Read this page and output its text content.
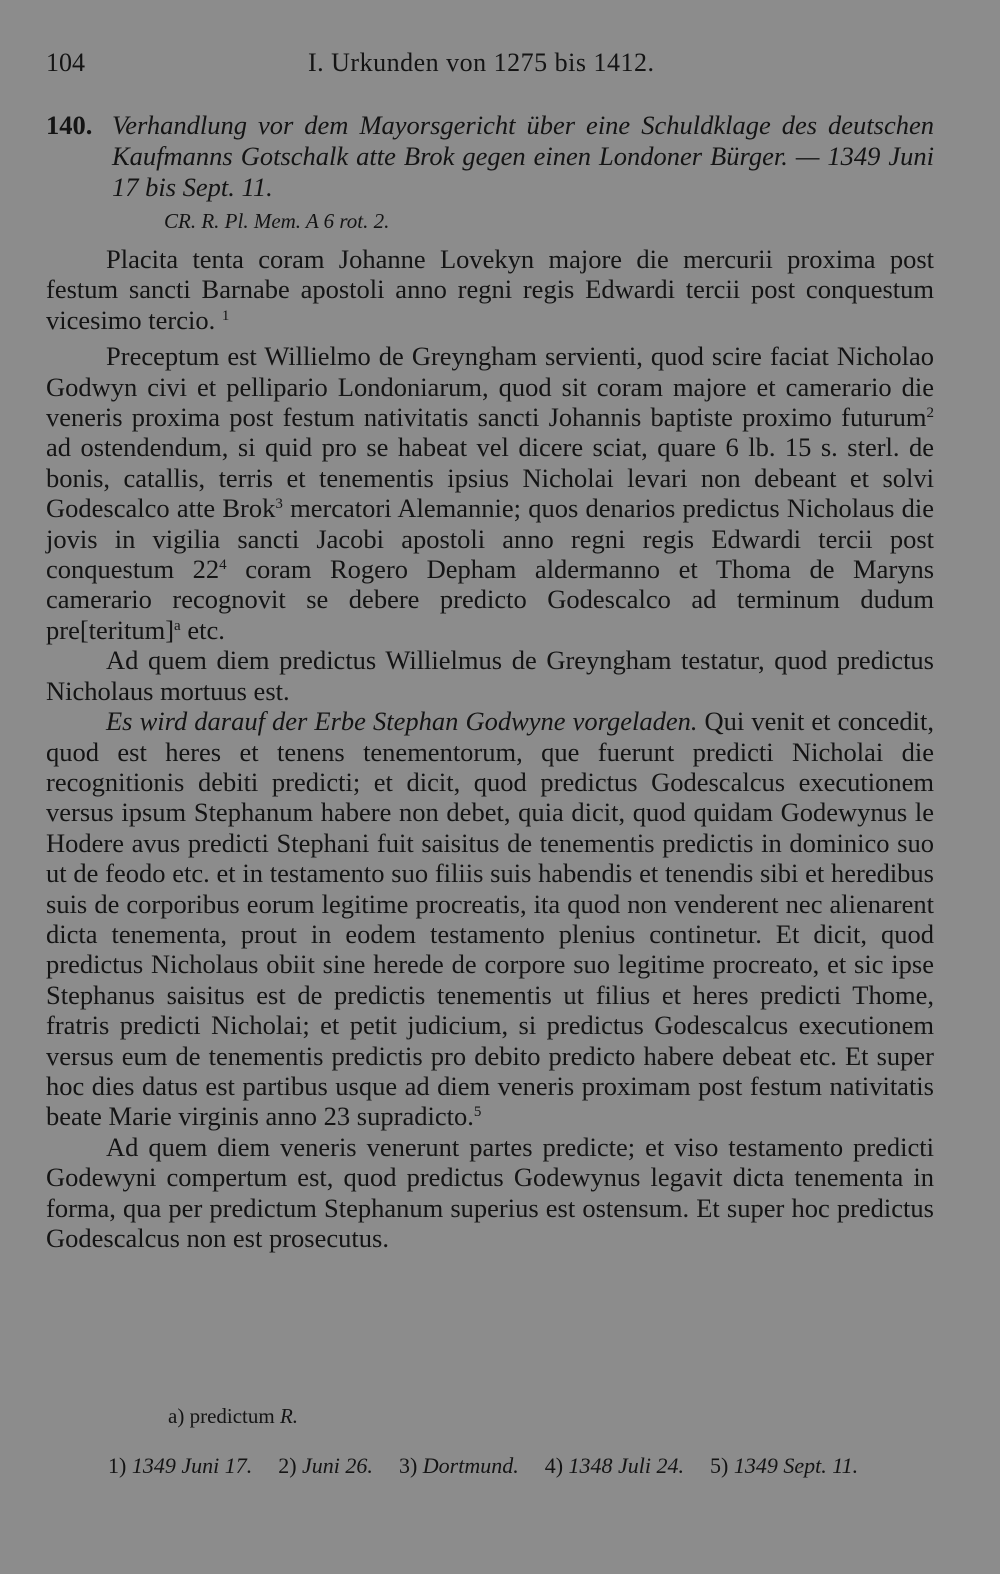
104	I. Urkunden von 1275 bis 1412.
140. Verhandlung vor dem Mayorsgericht über eine Schuldklage des deutschen Kaufmanns Gotschalk atte Brok gegen einen Londoner Bürger. — 1349 Juni 17 bis Sept. 11.
CR. R. Pl. Mem. A 6 rot. 2.

Placita tenta coram Johanne Lovekyn majore die mercurii proxima post festum sancti Barnabe apostoli anno regni regis Edwardi tercii post conquestum vicesimo tercio. $^1$

Preceptum est Willielmo de Greyngham servienti, quod scire faciat Nicholao Godwyn civi et pellipario Londoniarum, quod sit coram majore et camerario die veneris proxima post festum nativitatis sancti Johannis baptiste proximo futurum$^2$ ad ostendendum, si quid pro se habeat vel dicere sciat, quare 6 lb. 15 s. sterl. de bonis, catallis, terris et tenementis ipsius Nicholai levari non debeant et solvi Godescalco atte Brok$^3$ mercatori Alemannie; quos denarios predictus Nicholaus die jovis in vigilia sancti Jacobi apostoli anno regni regis Edwardi tercii post conquestum $22^4$ coram Rogero Depham aldermanno et Thoma de Maryns camerario recognovit se debere predicto Godescalco ad terminum dudum pre[teritum]$^a$ etc.

Ad quem diem predictus Willielmus de Greyngham testatur, quod predictus Nicholaus mortuus est.

Es wird darauf der Erbe Stephan Godwyne vorgeladen. Qui venit et concedit, quod est heres et tenens tenementorum, que fuerunt predicti Nicholai die recognitionis debiti predicti; et dicit, quod predictus Godescalcus executionem versus ipsum Stephanum habere non debet, quia dicit, quod quidam Godewynus le Hodere avus predicti Stephani fuit saisitus de tenementis predictis in dominico suo ut de feodo etc. et in testamento suo filiis suis habendis et tenendis sibi et heredibus suis de corporibus eorum legitime procreatis, ita quod non venderent nec alienarent dicta tenementa, prout in eodem testamento plenius continetur. Et dicit, quod predictus Nicholaus obiit sine herede de corpore suo legitime procreato, et sic ipse Stephanus saisitus est de predictis tenementis ut filius et heres predicti Thome, fratris predicti Nicholai; et petit judicium, si predictus Godescalcus executionem versus eum de tenementis predictis pro debito predicto habere debeat etc. Et super hoc dies datus est partibus usque ad diem veneris proximam post festum nativitatis beate Marie virginis anno 23 supradicto.$^5$

Ad quem diem veneris venerunt partes predicte; et viso testamento predicti Godewyni compertum est, quod predictus Godewynus legavit dicta tenementa in forma, qua per predictum Stephanum superius est ostensum. Et super hoc predictus Godescalcus non est prosecutus.

a) predictum R.

1) 1349 Juni 17. 2) Juni 26. 3) Dortmund. 4) 1348 Juli 24. 5) 1349 Sept. 11.
